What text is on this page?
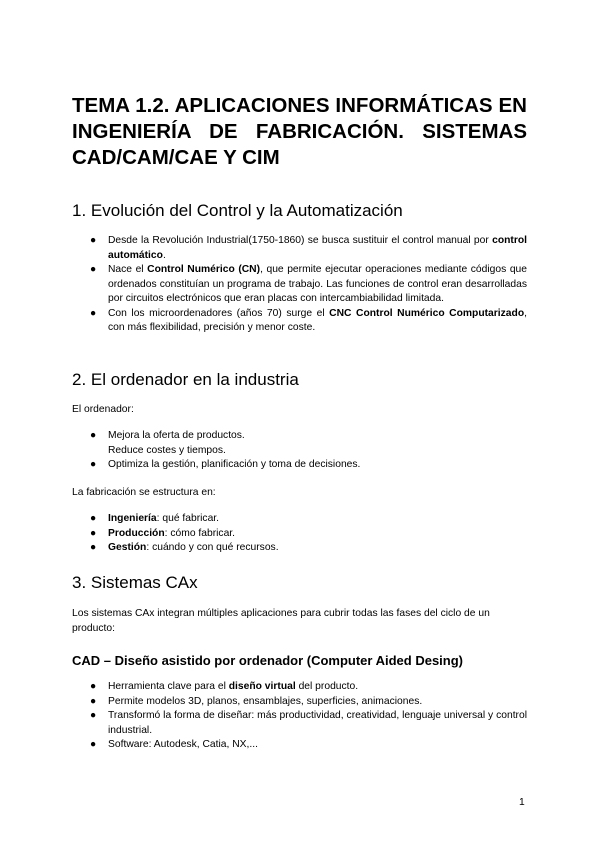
TEMA 1.2. APLICACIONES INFORMÁTICAS EN INGENIERÍA DE FABRICACIÓN. SISTEMAS CAD/CAM/CAE Y CIM
1. Evolución del Control y la Automatización
● Desde la Revolución Industrial(1750-1860) se busca sustituir el control manual por control automático.
● Nace el Control Numérico (CN), que permite ejecutar operaciones mediante códigos que ordenados constituían un programa de trabajo. Las funciones de control eran desarrolladas por circuitos electrónicos que eran placas con intercambiabilidad limitada.
● Con los microordenadores (años 70) surge el CNC Control Numérico Computarizado, con más flexibilidad, precisión y menor coste.
2. El ordenador en la industria

El ordenador:

● Mejora la oferta de productos.
Reduce costes y tiempos.
● Optimiza la gestión, planificación y toma de decisiones.

La fabricación se estructura en:

● Ingeniería: qué fabricar.
● Producción: cómo fabricar.
● Gestión: cuándo y con qué recursos.
3. Sistemas CAx

Los sistemas CAx integran múltiples aplicaciones para cubrir todas las fases del ciclo de un producto:

CAD – Diseño asistido por ordenador (Computer Aided Desing)
● Herramienta clave para el diseño virtual del producto.
● Permite modelos 3D, planos, ensamblajes, superficies, animaciones.
● Transformó la forma de diseñar: más productividad, creatividad, lenguaje universal y control industrial.
● Software: Autodesk, Catia, NX,...
1
